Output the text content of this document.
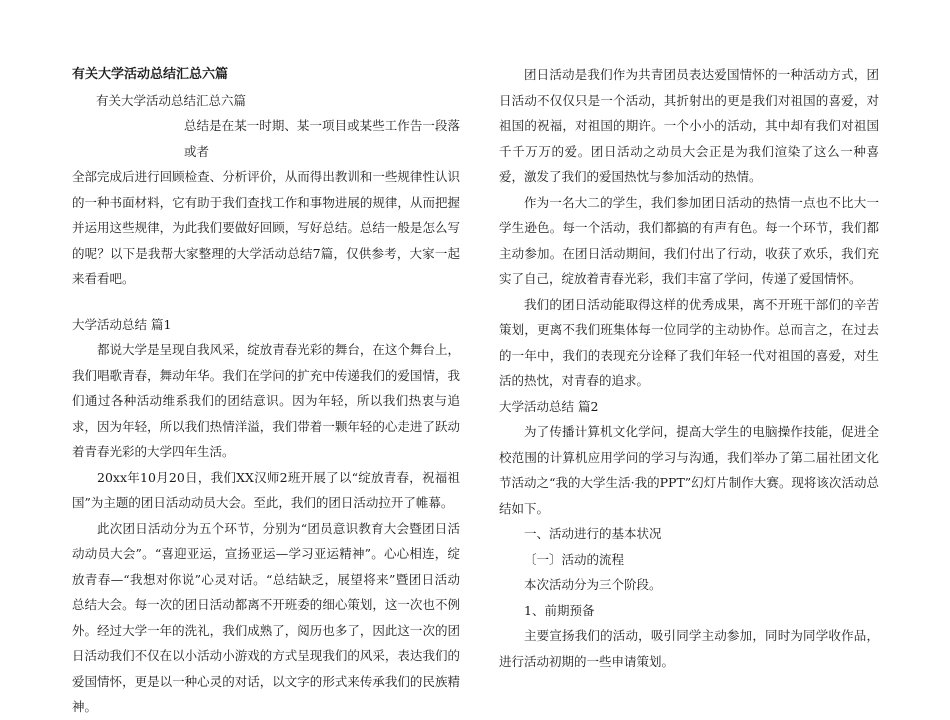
有关大学活动总结汇总六篇

有关大学活动总结汇总六篇

总结是在某一时期、某一项目或某些工作告一段落或者

全部完成后进行回顾检查、分析评价，从而得出教训和一些规律性认识的一种书面材料，它有助于我们查找工作和事物进展的规律，从而把握并运用这些规律，为此我们要做好回顾，写好总结。总结一般是怎么写的呢？以下是我帮大家整理的大学活动总结7篇，仅供参考，大家一起来看看吧。

大学活动总结 篇1

都说大学是呈现自我风采，绽放青春光彩的舞台，在这个舞台上，我们唱歌青春，舞动年华。我们在学问的扩充中传递我们的爱国情，我们通过各种活动维系我们的团结意识。因为年轻，所以我们热衷与追求，因为年轻，所以我们热情洋溢，我们带着一颗年轻的心走进了跃动着青春光彩的大学四年生活。

20xx年10月20日，我们XX汉师2班开展了以“绽放青春，祝福祖国”为主题的团日活动动员大会。至此，我们的团日活动拉开了帷幕。

此次团日活动分为五个环节，分别为“团员意识教育大会暨团日活动动员大会”。“喜迎亚运，宣扬亚运—学习亚运精神”。心心相连，绽放青春—“我想对你说”心灵对话。“总结缺乏，展望将来”暨团日活动总结大会。每一次的团日活动都离不开班委的细心策划，这一次也不例外。经过大学一年的洗礼，我们成熟了，阅历也多了，因此这一次的团日活动我们不仅在以小活动小游戏的方式呈现我们的风采，表达我们的爱国情怀，更是以一种心灵的对话，以文字的形式来传承我们的民族精神。

团日活动是我们作为共青团员表达爱国情怀的一种活动方式，团日活动不仅仅只是一个活动，其折射出的更是我们对祖国的喜爱，对祖国的祝福，对祖国的期许。一个小小的活动，其中却有我们对祖国千千万万的爱。团日活动之动员大会正是为我们渲染了这么一种喜爱，激发了我们的爱国热忱与参加活动的热情。

作为一名大二的学生，我们参加团日活动的热情一点也不比大一学生逊色。每一个活动，我们都搞的有声有色。每一个环节，我们都主动参加。在团日活动期间，我们付出了行动，收获了欢乐，我们充实了自己，绽放着青春光彩，我们丰富了学问，传递了爱国情怀。

我们的团日活动能取得这样的优秀成果，离不开班干部们的辛苦策划，更离不我们班集体每一位同学的主动协作。总而言之，在过去的一年中，我们的表现充分诠释了我们年轻一代对祖国的喜爱，对生活的热忱，对青春的追求。

大学活动总结 篇2

为了传播计算机文化学问，提高大学生的电脑操作技能，促进全校范围的计算机应用学问的学习与沟通，我们举办了第二届社团文化节活动之“我的大学生活·我的PPT”幻灯片制作大赛。现将该次活动总结如下。

一、活动进行的基本状况

〔一〕活动的流程

本次活动分为三个阶段。

1、前期预备

主要宣扬我们的活动，吸引同学主动参加，同时为同学收作品，进行活动初期的一些申请策划。
